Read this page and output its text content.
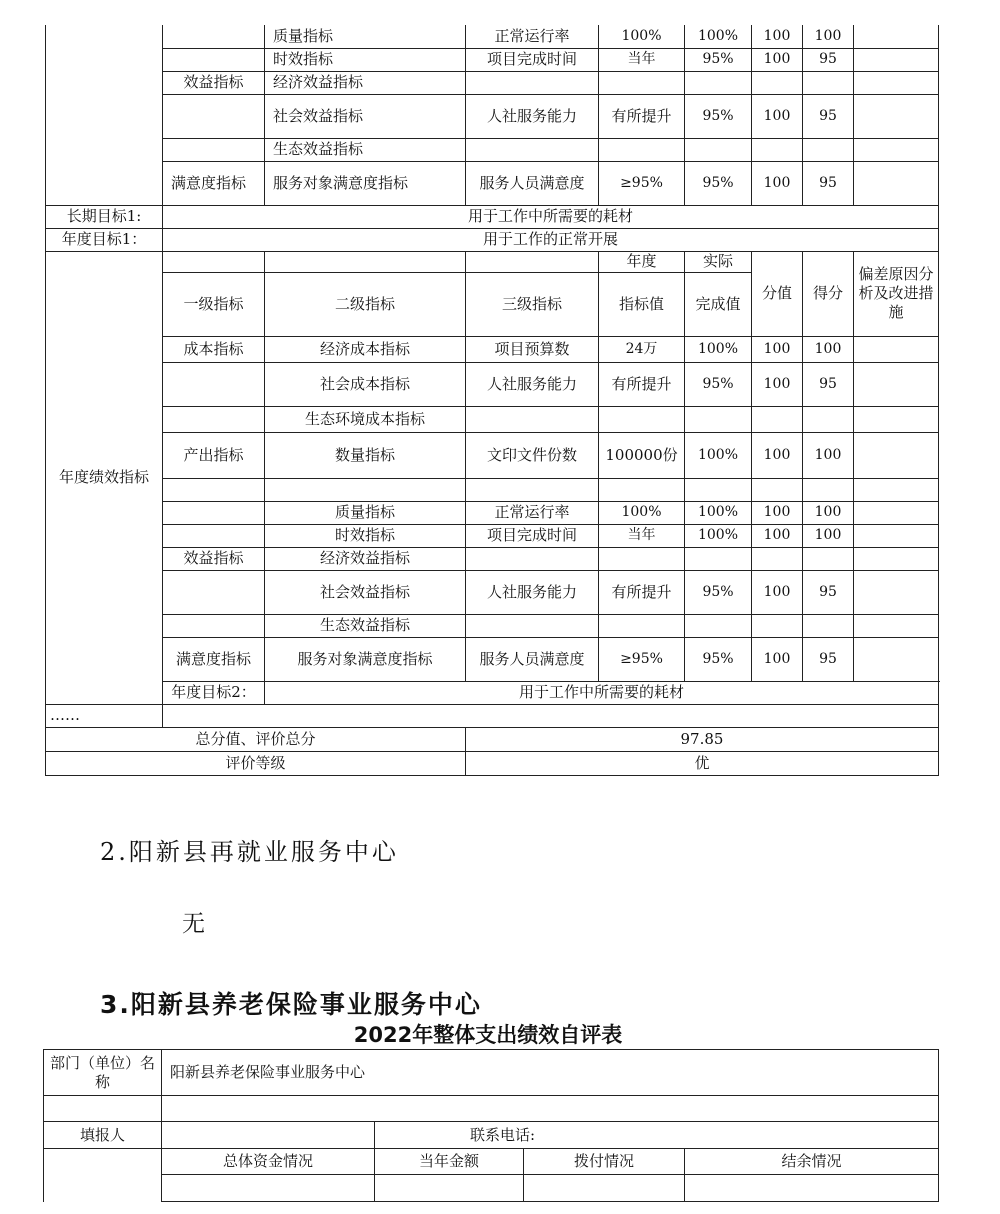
		质量指标	正常运行率	100%	100%	100	100	
		时效指标	项目完成时间	当年	95%	100	95	
	效益指标	经济效益指标						
		社会效益指标	人社服务能力	有所提升	95%	100	95	
		生态效益指标						
	满意度指标	服务对象满意度指标	服务人员满意度	≥95%	95%	100	95	

长期目标1:	用于工作中所需要的耗材							
年度目标1：	用于工作的正常开展							
年度绩效指标				年度	实际	分值	得分	偏差原因分析及改进措施
	一级指标	二级指标	三级指标	指标值	完成值			
	成本指标	经济成本指标	项目预算数	24万	100%	100	100	
		社会成本指标	人社服务能力	有所提升	95%	100	95	
		生态环境成本指标						
	产出指标	数量指标	文印文件份数	100000份	100%	100	100	

		质量指标	正常运行率	100%	100%	100	100	
		时效指标	项目完成时间	当年	100%	100	100	
	效益指标	经济效益指标						
		社会效益指标	人社服务能力	有所提升	95%	100	95	
		生态效益指标						
	满意度指标	服务对象满意度指标	服务人员满意度	≥95%	95%	100	95	

	年度目标2：	用于工作中所需要的耗材						
……								
总分值、评价总分			97.85					
评价等级			优					
2.阳新县再就业服务中心
无
3.阳新县养老保险事业服务中心
2022年整体支出绩效自评表
部门（单位）名称	阳新县养老保险事业服务中心			

填报人		联系电话:		
	总体资金情况	当年金额	拨付情况	结余情况
